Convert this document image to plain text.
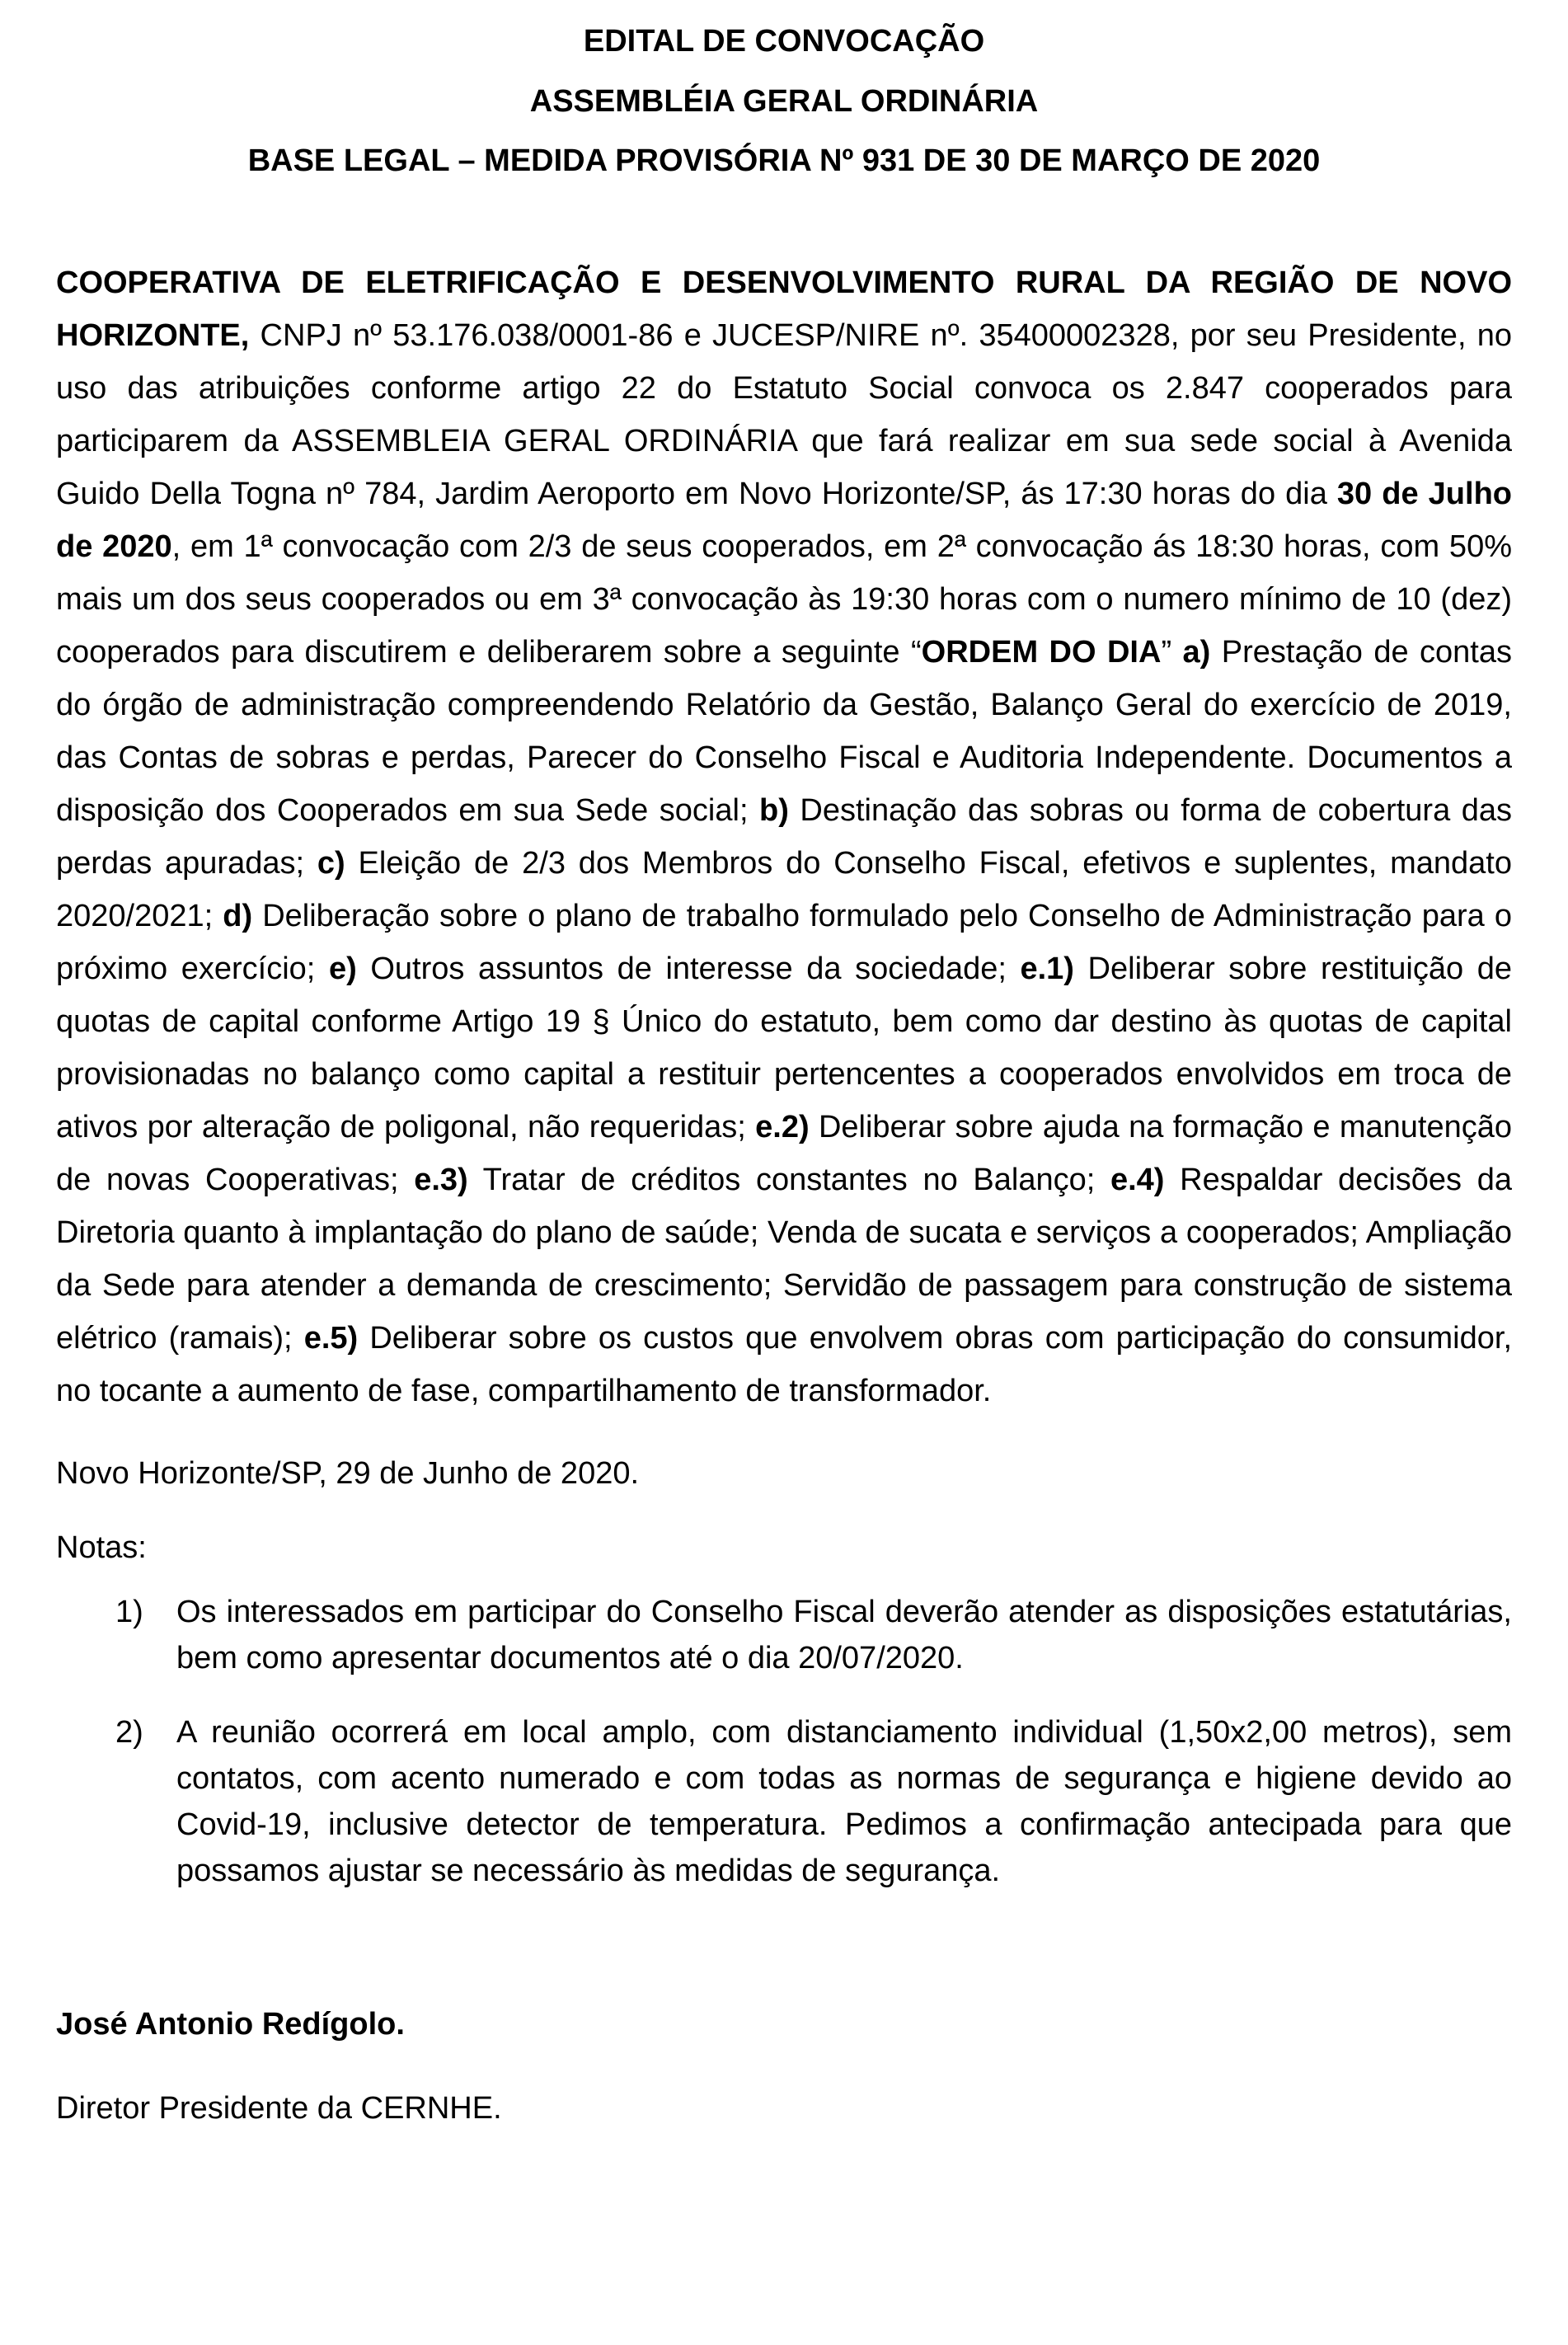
EDITAL DE CONVOCAÇÃO
ASSEMBLÉIA GERAL ORDINÁRIA
BASE LEGAL – MEDIDA PROVISÓRIA Nº 931 DE 30 DE MARÇO DE 2020
COOPERATIVA DE ELETRIFICAÇÃO E DESENVOLVIMENTO RURAL DA REGIÃO DE NOVO HORIZONTE, CNPJ nº 53.176.038/0001-86 e JUCESP/NIRE nº. 35400002328, por seu Presidente, no uso das atribuições conforme artigo 22 do Estatuto Social convoca os 2.847 cooperados para participarem da ASSEMBLEIA GERAL ORDINÁRIA que fará realizar em sua sede social à Avenida Guido Della Togna nº 784, Jardim Aeroporto em Novo Horizonte/SP, ás 17:30 horas do dia 30 de Julho de 2020, em 1ª convocação com 2/3 de seus cooperados, em 2ª convocação ás 18:30 horas, com 50% mais um dos seus cooperados ou em 3ª convocação às 19:30 horas com o numero mínimo de 10 (dez) cooperados para discutirem e deliberarem sobre a seguinte “ORDEM DO DIA” a) Prestação de contas do órgão de administração compreendendo Relatório da Gestão, Balanço Geral do exercício de 2019, das Contas de sobras e perdas, Parecer do Conselho Fiscal e Auditoria Independente. Documentos a disposição dos Cooperados em sua Sede social; b) Destinação das sobras ou forma de cobertura das perdas apuradas; c) Eleição de 2/3 dos Membros do Conselho Fiscal, efetivos e suplentes, mandato 2020/2021; d) Deliberação sobre o plano de trabalho formulado pelo Conselho de Administração para o próximo exercício; e) Outros assuntos de interesse da sociedade; e.1) Deliberar sobre restituição de quotas de capital conforme Artigo 19 § Único do estatuto, bem como dar destino às quotas de capital provisionadas no balanço como capital a restituir pertencentes a cooperados envolvidos em troca de ativos por alteração de poligonal, não requeridas; e.2) Deliberar sobre ajuda na formação e manutenção de novas Cooperativas; e.3) Tratar de créditos constantes no Balanço; e.4) Respaldar decisões da Diretoria quanto à implantação do plano de saúde; Venda de sucata e serviços a cooperados; Ampliação da Sede para atender a demanda de crescimento; Servidão de passagem para construção de sistema elétrico (ramais); e.5) Deliberar sobre os custos que envolvem obras com participação do consumidor, no tocante a aumento de fase, compartilhamento de transformador.
Novo Horizonte/SP, 29 de Junho de 2020.
Notas:
1)	Os interessados em participar do Conselho Fiscal deverão atender as disposições estatutárias, bem como apresentar documentos até o dia 20/07/2020.
2)	A reunião ocorrerá em local amplo, com distanciamento individual (1,50x2,00 metros), sem contatos, com acento numerado e com todas as normas de segurança e higiene devido ao Covid-19, inclusive detector de temperatura. Pedimos a confirmação antecipada para que possamos ajustar se necessário às medidas de segurança.
José Antonio Redígolo.
Diretor Presidente da CERNHE.
